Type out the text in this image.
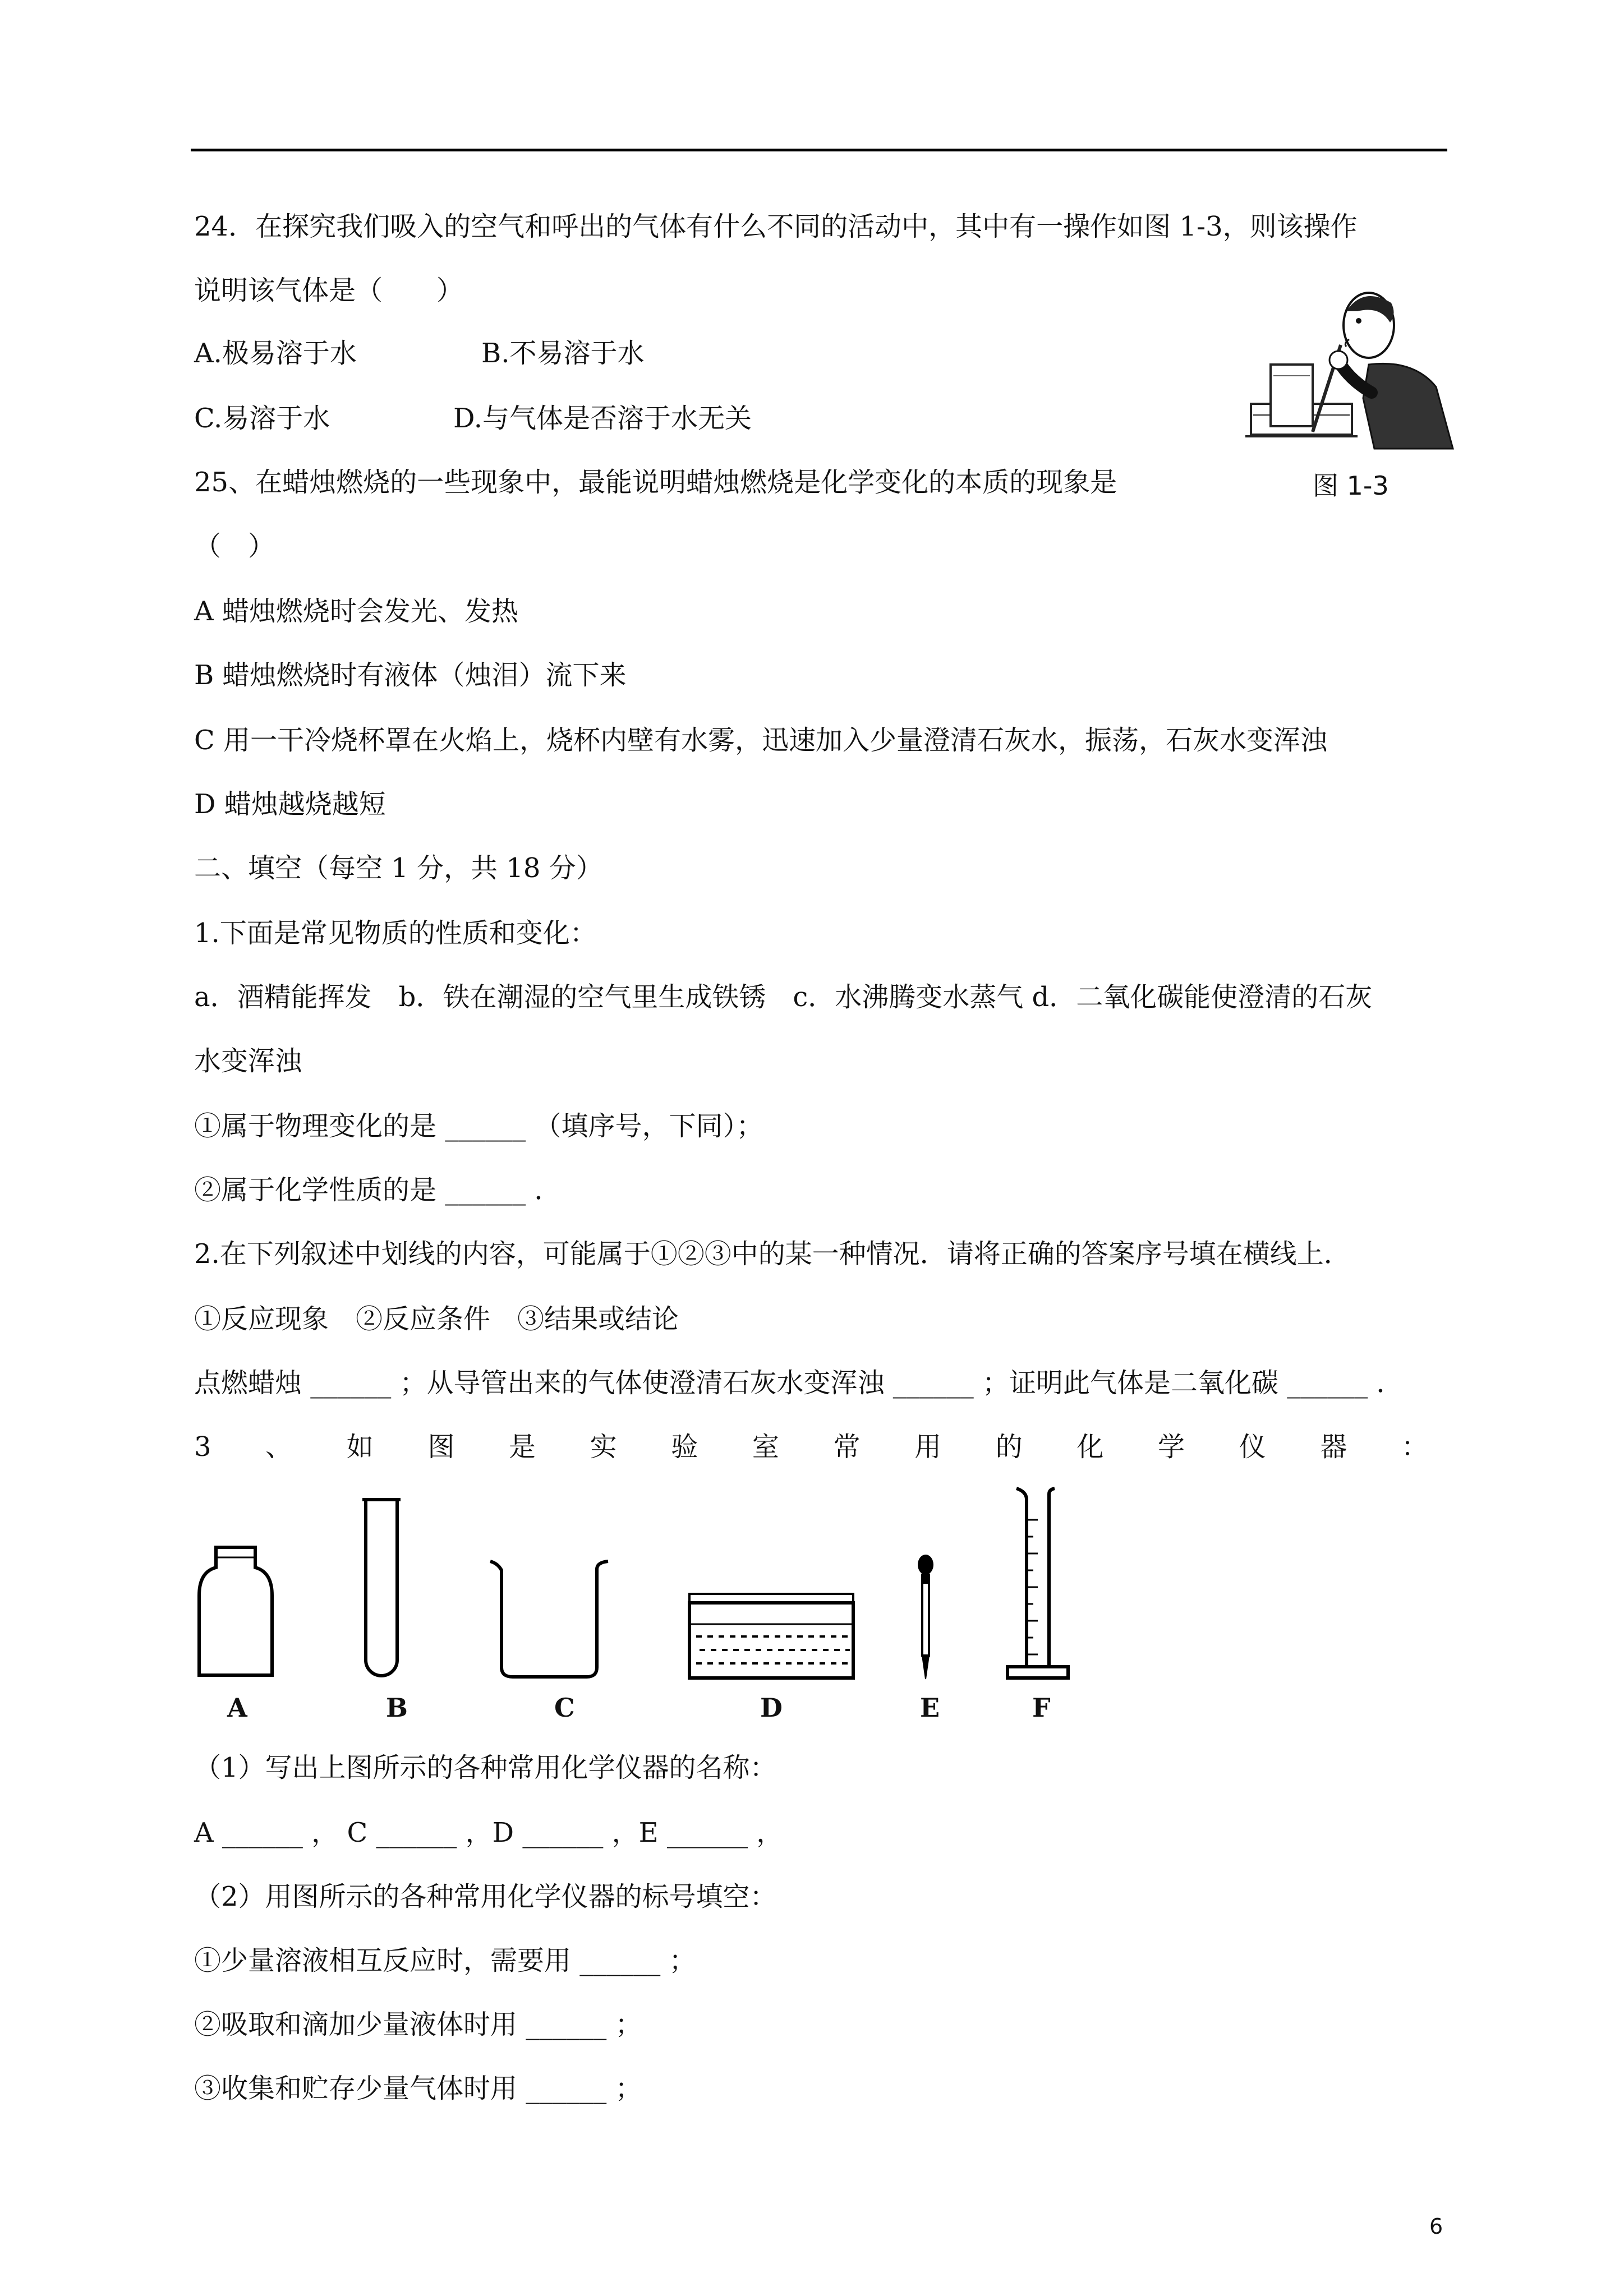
24．在探究我们吸入的空气和呼出的气体有什么不同的活动中，其中有一操作如图 1-3，则该操作
说明该气体是（　　）
A.极易溶于水	B.不易溶于水
C.易溶于水	D.与气体是否溶于水无关
图 1-3
25、在蜡烛燃烧的一些现象中，最能说明蜡烛燃烧是化学变化的本质的现象是
（　）
A 蜡烛燃烧时会发光、发热
B 蜡烛燃烧时有液体（烛泪）流下来
C 用一干冷烧杯罩在火焰上，烧杯内壁有水雾，迅速加入少量澄清石灰水，振荡，石灰水变浑浊
D 蜡烛越烧越短
二、填空（每空 1 分，共 18 分）
1.下面是常见物质的性质和变化：
a．酒精能挥发　b．铁在潮湿的空气里生成铁锈　c．水沸腾变水蒸气 d．二氧化碳能使澄清的石灰
水变浑浊
①属于物理变化的是 ______ （填序号，下同）；
②属于化学性质的是 ______ ．
2.在下列叙述中划线的内容，可能属于①②③中的某一种情况．请将正确的答案序号填在横线上．
①反应现象　②反应条件　③结果或结论
点燃蜡烛 ______ ；从导管出来的气体使澄清石灰水变浑浊 ______ ；证明此气体是二氧化碳 ______ ．
3 、 如 图 是 实 验 室 常 用 的 化 学 仪 器 ：
A	B	C	D	E	F
（1）写出上图所示的各种常用化学仪器的名称：
A ______ ， C ______ ，D ______ ，E ______ ，
（2）用图所示的各种常用化学仪器的标号填空：
①少量溶液相互反应时，需要用 ______ ；
②吸取和滴加少量液体时用 ______ ；
③收集和贮存少量气体时用 ______ ；
6
